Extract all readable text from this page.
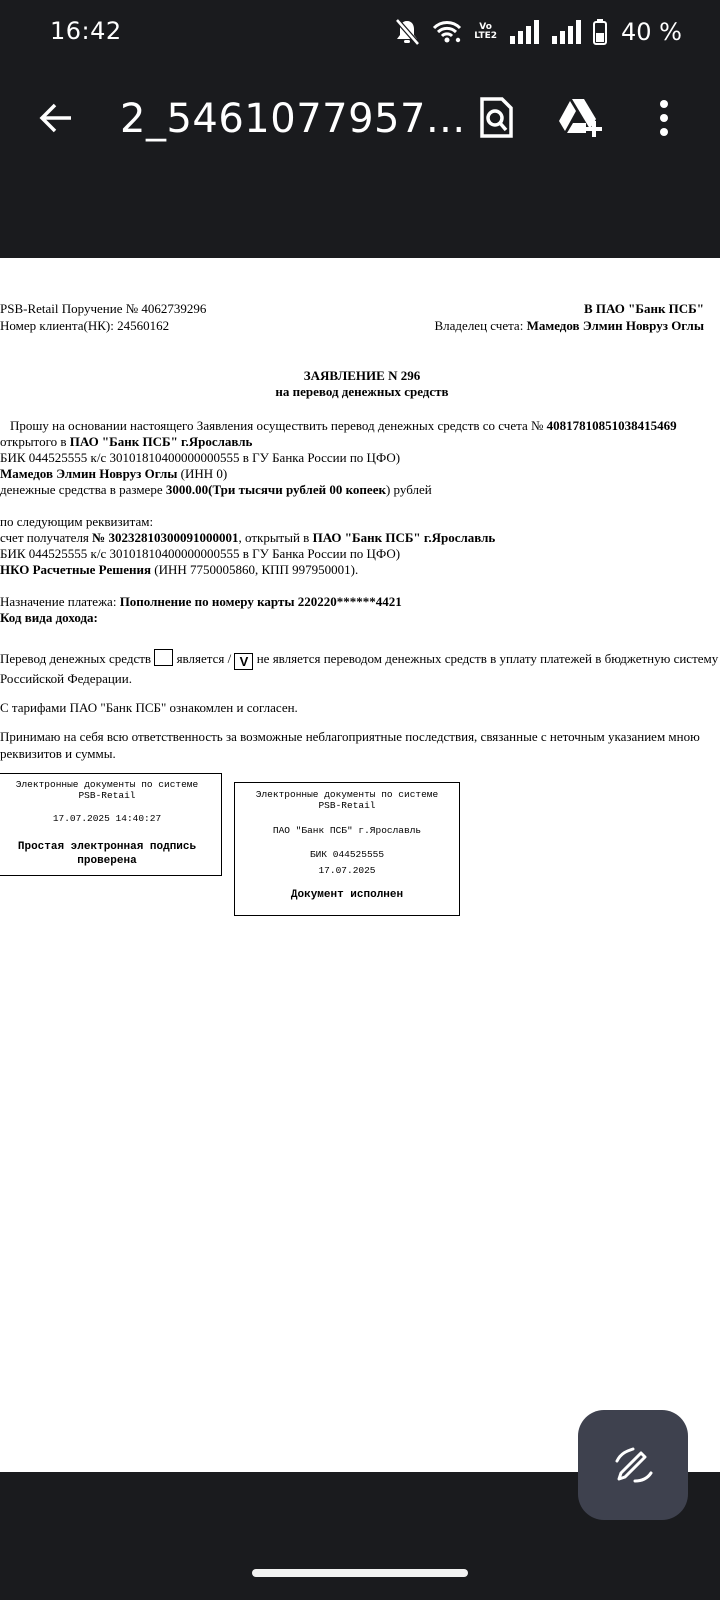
16:42	Vo
LTE2	40 %
2_5461077957...
PSB-Retail Поручение № 4062739296
Номер клиента(НК): 24560162
В ПАО "Банк ПСБ"
Владелец счета: Мамедов Элмин Новруз Оглы
ЗАЯВЛЕНИЕ N 296
на перевод денежных средств
Прошу на основании настоящего Заявления осуществить перевод денежных средств со счета № 40817810851038415469
открытого в ПАО "Банк ПСБ" г.Ярославль
БИК 044525555 к/с 30101810400000000555 в ГУ Банка России по ЦФО)
Мамедов Элмин Новруз Оглы (ИНН 0)
денежные средства в размере 3000.00(Три тысячи рублей 00 копеек) рублей
по следующим реквизитам:
счет получателя № 30232810300091000001, открытый в ПАО "Банк ПСБ" г.Ярославль
БИК 044525555 к/с 30101810400000000555 в ГУ Банка России по ЦФО)
НКО Расчетные Решения (ИНН 7750005860, КПП 997950001).
Назначение платежа: Пополнение по номеру карты 220220******4421
Код вида дохода:
Перевод денежных средств  является / V не является переводом денежных средств в уплату платежей в бюджетную систему Российской Федерации.
С тарифами ПАО "Банк ПСБ" ознакомлен и согласен.
Принимаю на себя всю ответственность за возможные неблагоприятные последствия, связанные с неточным указанием мною реквизитов и суммы.
Электронные документы по системе
PSB-Retail
17.07.2025 14:40:27
Простая электронная подпись
проверена
Электронные документы по системе
PSB-Retail
ПАО "Банк ПСБ" г.Ярославль
БИК 044525555
17.07.2025
Документ исполнен
